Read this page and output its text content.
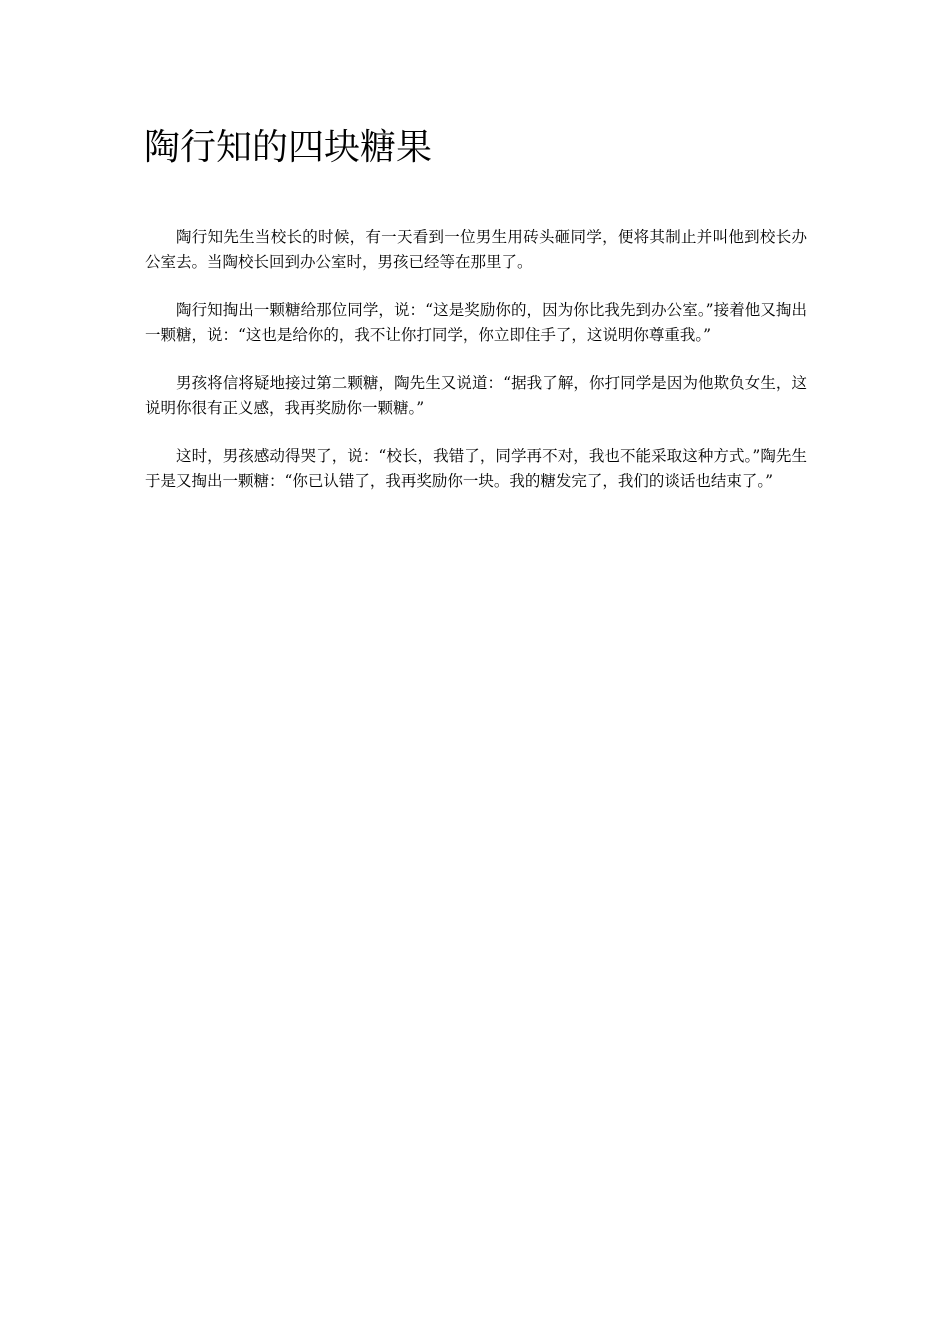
陶行知的四块糖果

陶行知先生当校长的时候，有一天看到一位男生用砖头砸同学，便将其制止并叫他到校长办公室去。当陶校长回到办公室时，男孩已经等在那里了。

陶行知掏出一颗糖给那位同学，说：“这是奖励你的，因为你比我先到办公室。”接着他又掏出一颗糖，说：“这也是给你的，我不让你打同学，你立即住手了，这说明你尊重我。”

男孩将信将疑地接过第二颗糖，陶先生又说道：“据我了解，你打同学是因为他欺负女生，这说明你很有正义感，我再奖励你一颗糖。”

这时，男孩感动得哭了，说：“校长，我错了，同学再不对，我也不能采取这种方式。”陶先生于是又掏出一颗糖：“你已认错了，我再奖励你一块。我的糖发完了，我们的谈话也结束了。”
